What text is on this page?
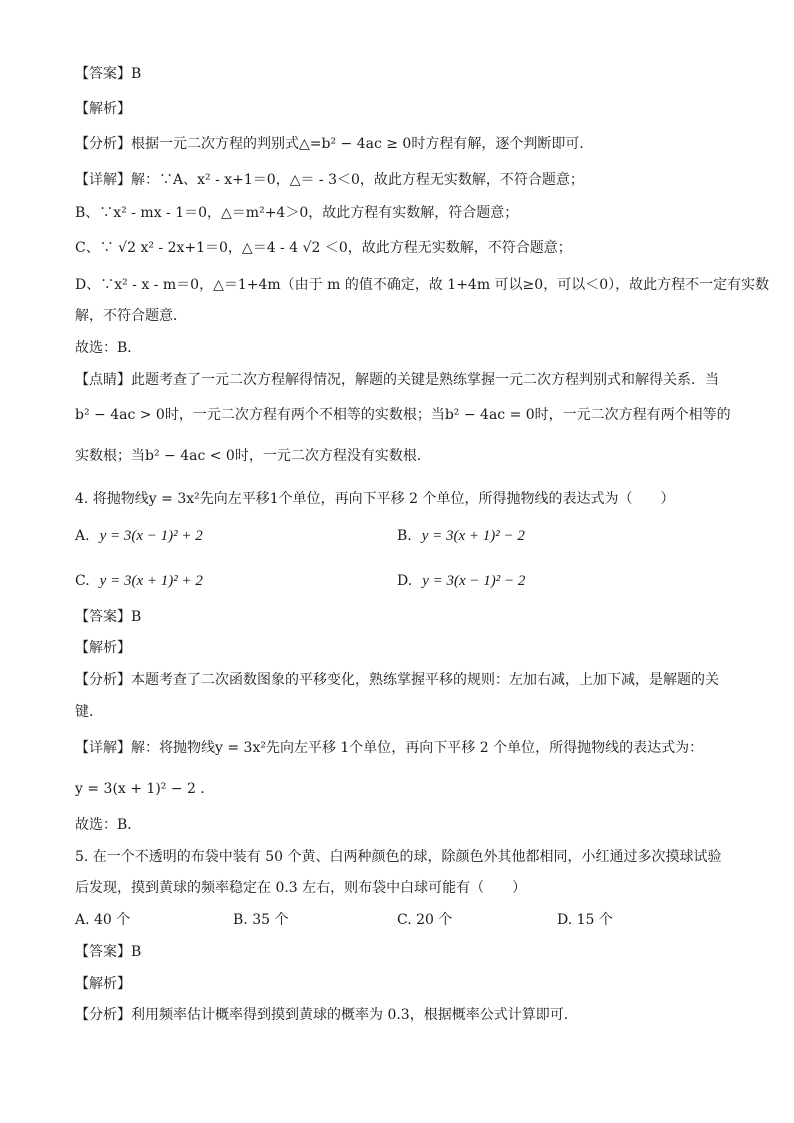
【答案】B
【解析】
【分析】根据一元二次方程的判别式△=b² − 4ac ≥ 0时方程有解，逐个判断即可．
【详解】解：∵A、x² - x+1＝0，△＝ - 3＜0，故此方程无实数解，不符合题意；
B、∵x² - mx - 1＝0，△＝m²+4＞0，故此方程有实数解，符合题意；
C、∵ √2 x² - 2x+1＝0，△＝4 - 4 √2 ＜0，故此方程无实数解，不符合题意；
D、∵x² - x - m＝0，△＝1+4m（由于 m 的值不确定，故 1+4m 可以≥0，可以＜0），故此方程不一定有实数
解，不符合题意．
故选：B．
【点睛】此题考查了一元二次方程解得情况，解题的关键是熟练掌握一元二次方程判别式和解得关系．当
b² − 4ac > 0时，一元二次方程有两个不相等的实数根；当b² − 4ac = 0时，一元二次方程有两个相等的
实数根；当b² − 4ac < 0时，一元二次方程没有实数根．
4. 将抛物线y = 3x²先向左平移1个单位，再向下平移 2 个单位，所得抛物线的表达式为（　　）
A. y = 3(x − 1)² + 2	B. y = 3(x + 1)² − 2
C. y = 3(x + 1)² + 2	D. y = 3(x − 1)² − 2
【答案】B
【解析】
【分析】本题考查了二次函数图象的平移变化，熟练掌握平移的规则：左加右减，上加下减，是解题的关
键．
【详解】解：将抛物线y = 3x²先向左平移 1个单位，再向下平移 2 个单位，所得抛物线的表达式为：
y = 3(x + 1)² − 2 ．
故选：B．
5. 在一个不透明的布袋中装有 50 个黄、白两种颜色的球，除颜色外其他都相同，小红通过多次摸球试验
后发现，摸到黄球的频率稳定在 0.3 左右，则布袋中白球可能有（　　）
A. 40 个	B. 35 个	C. 20 个	D. 15 个
【答案】B
【解析】
【分析】利用频率估计概率得到摸到黄球的概率为 0.3，根据概率公式计算即可．
